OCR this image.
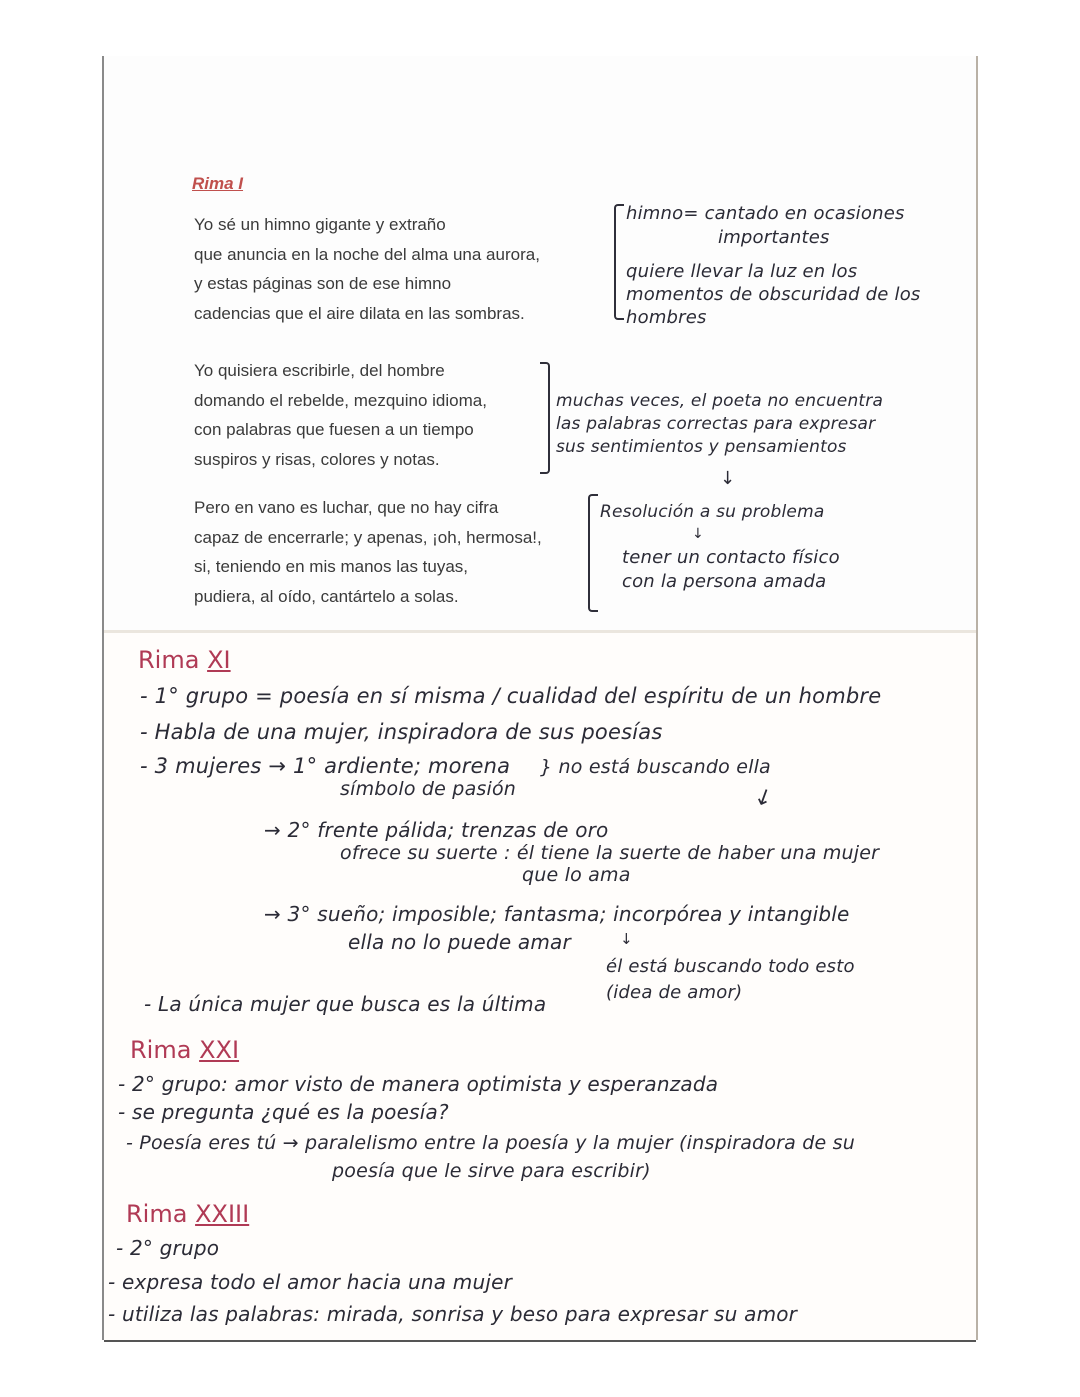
Rima I
Yo sé un himno gigante y extraño
que anuncia en la noche del alma una aurora,
y estas páginas son de ese himno
cadencias que el aire dilata en las sombras.
Yo quisiera escribirle, del hombre
domando el rebelde, mezquino idioma,
con palabras que fuesen a un tiempo
suspiros y risas, colores y notas.
Pero en vano es luchar, que no hay cifra
capaz de encerrarle; y apenas, ¡oh, hermosa!,
si, teniendo en mis manos las tuyas,
pudiera, al oído, cantártelo a solas.
himno= cantado en ocasiones
importantes
quiere llevar la luz en los
momentos de obscuridad de los
hombres
muchas veces, el poeta no encuentra
las palabras correctas para expresar
sus sentimientos y pensamientos
↓
Resolución a su problema
↓
tener un contacto físico
con la persona amada
Rima XI
- 1° grupo = poesía en sí misma / cualidad del espíritu de un hombre
- Habla de una mujer, inspiradora de sus poesías
- 3 mujeres → 1° ardiente; morena
símbolo de pasión
} no está buscando ella
↓
→ 2° frente pálida; trenzas de oro
ofrece su suerte : él tiene la suerte de haber una mujer
que lo ama
→ 3° sueño; imposible; fantasma; incorpórea y intangible
ella no lo puede amar	↓
él está buscando todo esto
(idea de amor)
- La única mujer que busca es la última
Rima XXI
- 2° grupo: amor visto de manera optimista y esperanzada
- se pregunta ¿qué es la poesía?
- Poesía eres tú → paralelismo entre la poesía y la mujer (inspiradora de su
poesía que le sirve para escribir)
Rima XXIII
- 2° grupo
- expresa todo el amor hacia una mujer
- utiliza las palabras: mirada, sonrisa y beso para expresar su amor
